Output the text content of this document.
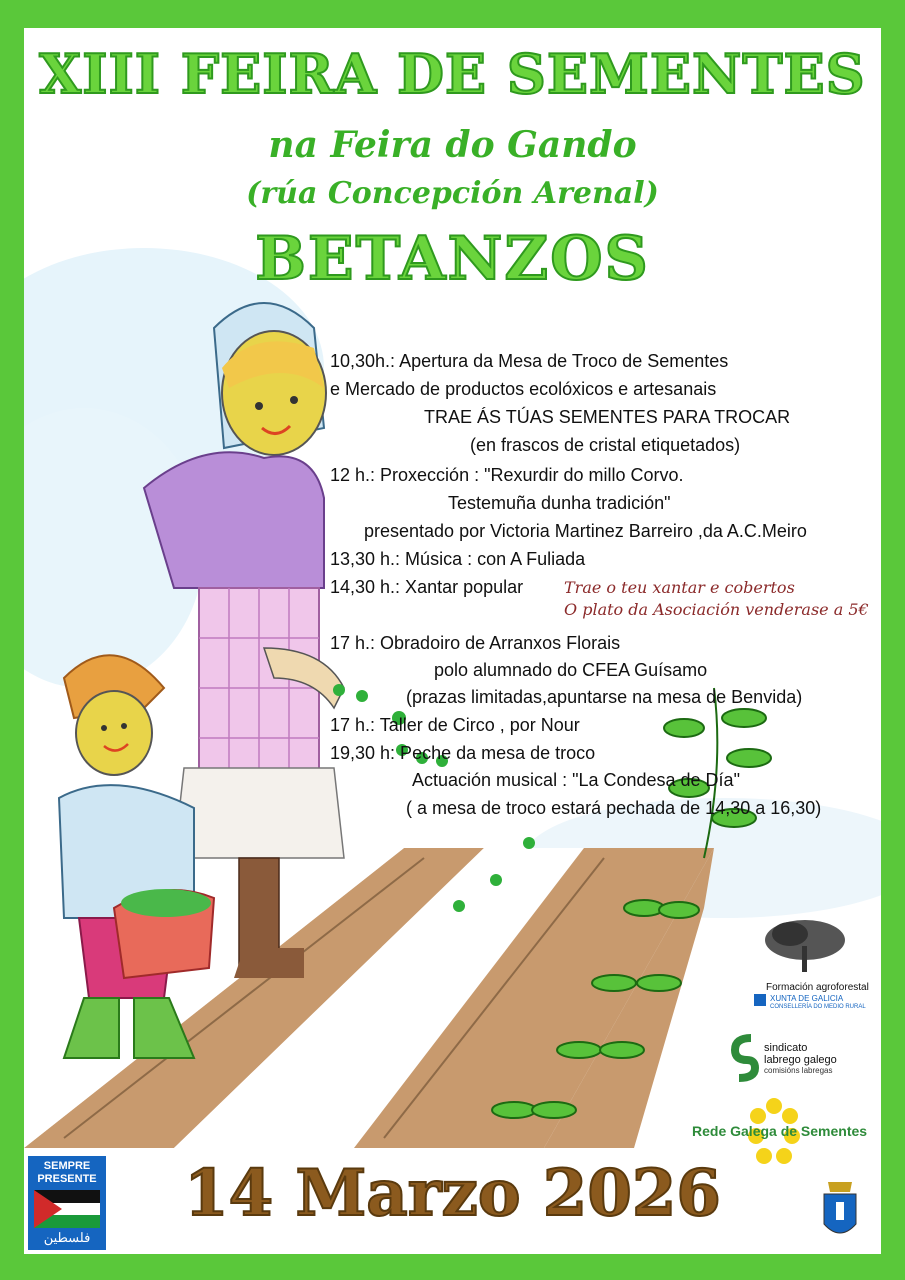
XIII FEIRA DE SEMENTES
na Feira do Gando
(rúa Concepción Arenal)
BETANZOS
10,30h.: Apertura da Mesa de Troco de Sementes
e Mercado de productos ecolóxicos e artesanais
TRAE ÁS TÚAS SEMENTES PARA TROCAR
(en frascos de cristal etiquetados)
12 h.: Proxección : "Rexurdir do millo Corvo.
Testemuña dunha tradición"
presentado por Victoria Martinez Barreiro ,da A.C.Meiro
13,30 h.: Música : con A Fuliada
14,30 h.: Xantar popular	Trae o teu xantar e cobertos
O plato da Asociación venderase a 5€
17 h.: Obradoiro de Arranxos Florais
polo alumnado do CFEA Guísamo
(prazas limitadas,apuntarse na mesa de Benvida)
17 h.: Taller de Circo , por Nour
19,30 h: Peche da mesa de troco
Actuación musical : "La Condesa de Día"
( a mesa de troco estará pechada de 14,30 a 16,30)
Formación agroforestal
XUNTA DE GALICIA
CONSELLERÍA DO MEDIO RURAL
sindicato
labrego galego
comisións labregas
Rede Galega de Sementes
14 Marzo 2026
SEMPRE
PRESENTE
فلسطين
